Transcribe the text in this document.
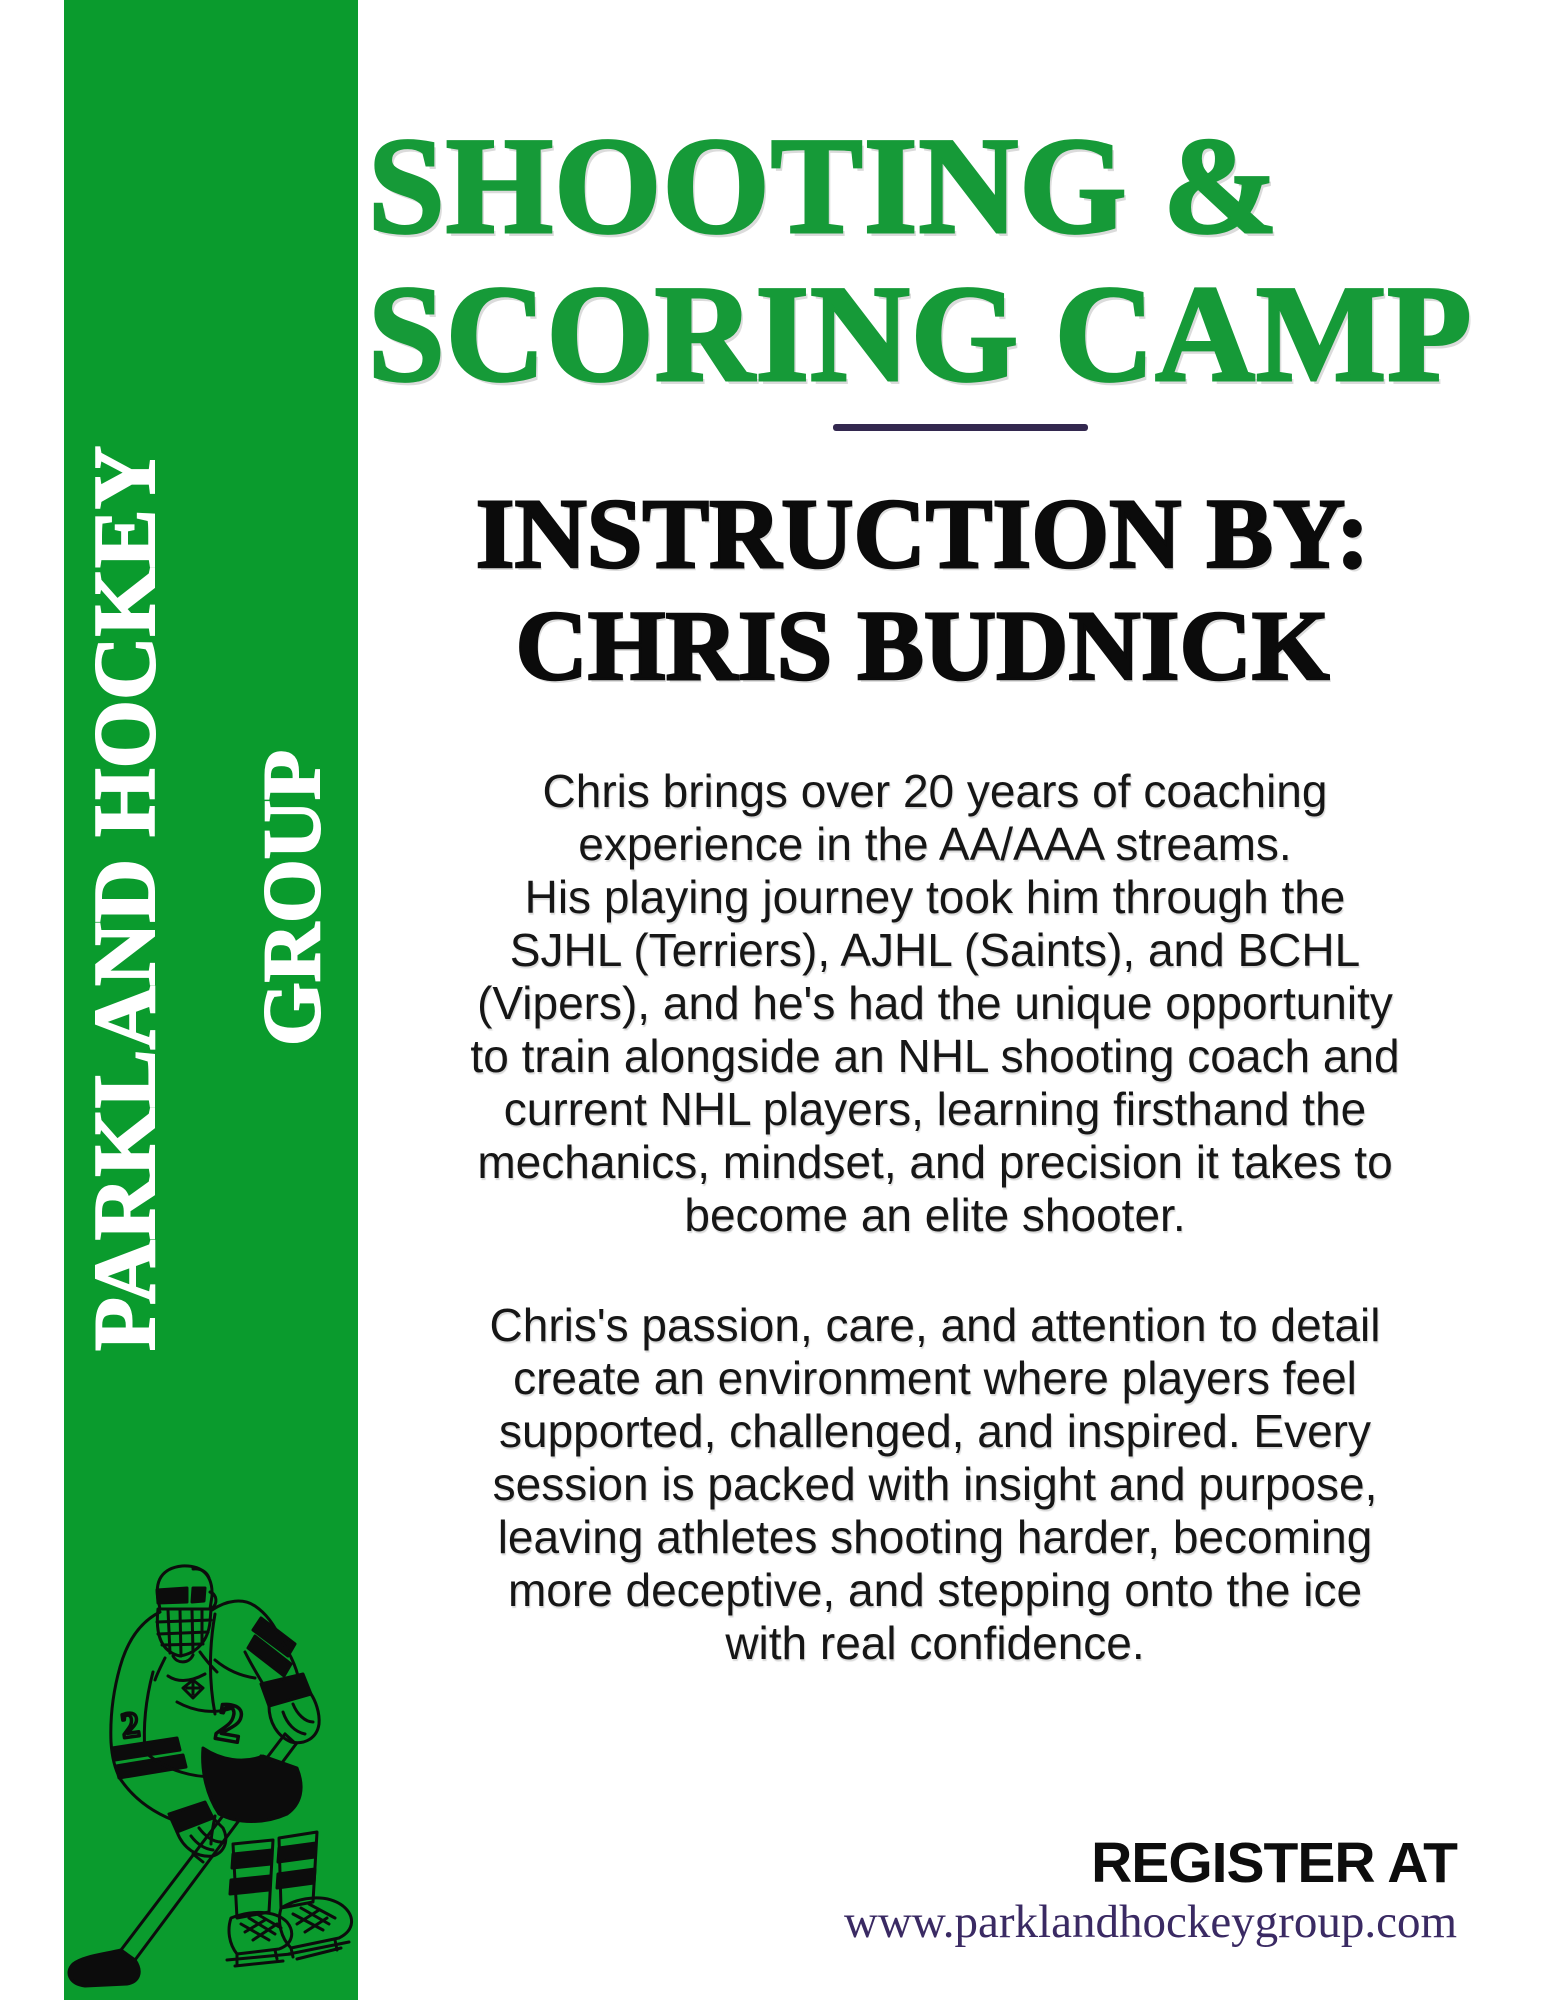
PARKLAND HOCKEY GROUP
SHOOTING &
SCORING CAMP
INSTRUCTION BY:
CHRIS BUDNICK
Chris brings over 20 years of coaching
experience in the AA/AAA streams.
His playing journey took him through the
SJHL (Terriers), AJHL (Saints), and BCHL
(Vipers), and he's had the unique opportunity
to train alongside an NHL shooting coach and
current NHL players, learning firsthand the
mechanics, mindset, and precision it takes to
become an elite shooter.
Chris's passion, care, and attention to detail
create an environment where players feel
supported, challenged, and inspired. Every
session is packed with insight and purpose,
leaving athletes shooting harder, becoming
more deceptive, and stepping onto the ice
with real confidence.
REGISTER AT
www.parklandhockeygroup.com
2 2
